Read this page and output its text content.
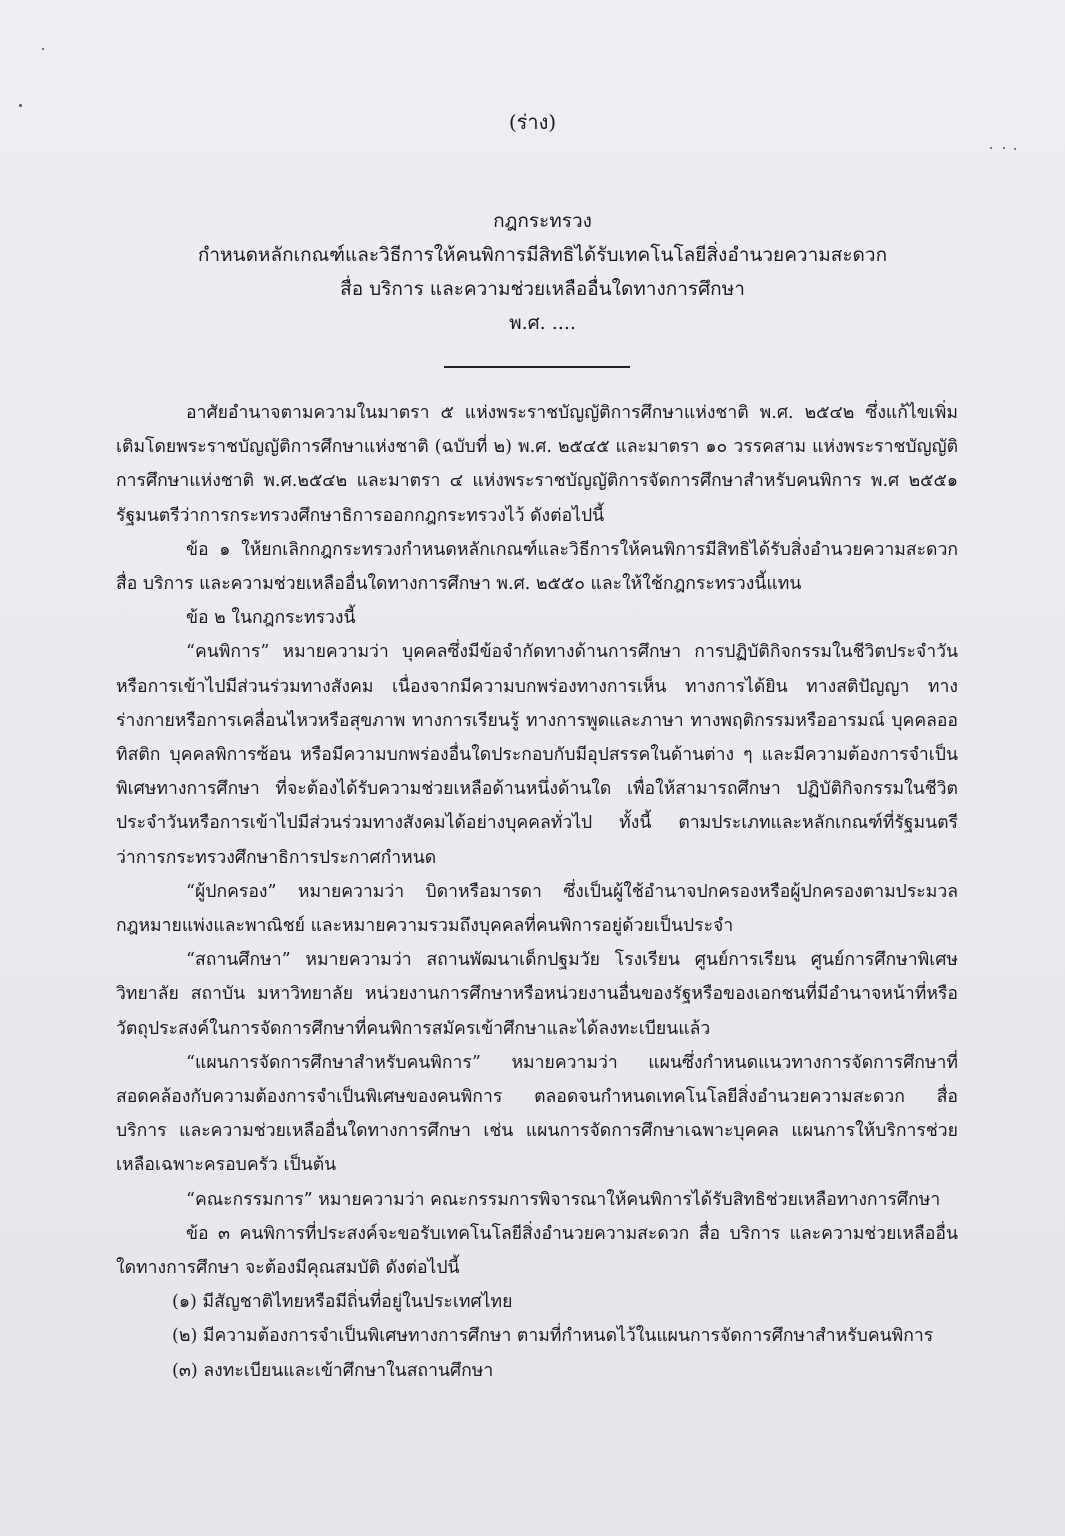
(ร่าง)
กฎกระทรวง
กำหนดหลักเกณฑ์และวิธีการให้คนพิการมีสิทธิได้รับเทคโนโลยีสิ่งอำนวยความสะดวก
สื่อ บริการ และความช่วยเหลืออื่นใดทางการศึกษา
พ.ศ. ....

อาศัยอำนาจตามความในมาตรา ๕ แห่งพระราชบัญญัติการศึกษาแห่งชาติ พ.ศ. ๒๕๔๒ ซึ่งแก้ไขเพิ่มเติมโดยพระราชบัญญัติการศึกษาแห่งชาติ (ฉบับที่ ๒) พ.ศ. ๒๕๔๕ และมาตรา ๑๐ วรรคสาม แห่งพระราชบัญญัติการศึกษาแห่งชาติ พ.ศ.๒๕๔๒ และมาตรา ๔ แห่งพระราชบัญญัติการจัดการศึกษาสำหรับคนพิการ พ.ศ ๒๕๕๑ รัฐมนตรีว่าการกระทรวงศึกษาธิการออกกฎกระทรวงไว้ ดังต่อไปนี้

ข้อ ๑ ให้ยกเลิกกฎกระทรวงกำหนดหลักเกณฑ์และวิธีการให้คนพิการมีสิทธิได้รับสิ่งอำนวยความสะดวก สื่อ บริการ และความช่วยเหลืออื่นใดทางการศึกษา พ.ศ. ๒๕๕๐ และให้ใช้กฎกระทรวงนี้แทน

ข้อ ๒ ในกฎกระทรวงนี้

“คนพิการ” หมายความว่า บุคคลซึ่งมีข้อจำกัดทางด้านการศึกษา การปฏิบัติกิจกรรมในชีวิตประจำวันหรือการเข้าไปมีส่วนร่วมทางสังคม เนื่องจากมีความบกพร่องทางการเห็น ทางการได้ยิน ทางสติปัญญา ทางร่างกายหรือการเคลื่อนไหวหรือสุขภาพ ทางการเรียนรู้ ทางการพูดและภาษา ทางพฤติกรรมหรืออารมณ์ บุคคลออทิสติก บุคคลพิการซ้อน หรือมีความบกพร่องอื่นใดประกอบกับมีอุปสรรคในด้านต่าง ๆ และมีความต้องการจำเป็นพิเศษทางการศึกษา ที่จะต้องได้รับความช่วยเหลือด้านหนึ่งด้านใด เพื่อให้สามารถศึกษา ปฏิบัติกิจกรรมในชีวิตประจำวันหรือการเข้าไปมีส่วนร่วมทางสังคมได้อย่างบุคคลทั่วไป ทั้งนี้ ตามประเภทและหลักเกณฑ์ที่รัฐมนตรีว่าการกระทรวงศึกษาธิการประกาศกำหนด

“ผู้ปกครอง” หมายความว่า บิดาหรือมารดา ซึ่งเป็นผู้ใช้อำนาจปกครองหรือผู้ปกครองตามประมวลกฎหมายแพ่งและพาณิชย์ และหมายความรวมถึงบุคคลที่คนพิการอยู่ด้วยเป็นประจำ

“สถานศึกษา” หมายความว่า สถานพัฒนาเด็กปฐมวัย โรงเรียน ศูนย์การเรียน ศูนย์การศึกษาพิเศษ วิทยาลัย สถาบัน มหาวิทยาลัย หน่วยงานการศึกษาหรือหน่วยงานอื่นของรัฐหรือของเอกชนที่มีอำนาจหน้าที่หรือวัตถุประสงค์ในการจัดการศึกษาที่คนพิการสมัครเข้าศึกษาและได้ลงทะเบียนแล้ว

“แผนการจัดการศึกษาสำหรับคนพิการ” หมายความว่า แผนซึ่งกำหนดแนวทางการจัดการศึกษาที่สอดคล้องกับความต้องการจำเป็นพิเศษของคนพิการ ตลอดจนกำหนดเทคโนโลยีสิ่งอำนวยความสะดวก สื่อ บริการ และความช่วยเหลืออื่นใดทางการศึกษา เช่น แผนการจัดการศึกษาเฉพาะบุคคล แผนการให้บริการช่วยเหลือเฉพาะครอบครัว เป็นต้น

“คณะกรรมการ” หมายความว่า คณะกรรมการพิจารณาให้คนพิการได้รับสิทธิช่วยเหลือทางการศึกษา

ข้อ ๓ คนพิการที่ประสงค์จะขอรับเทคโนโลยีสิ่งอำนวยความสะดวก สื่อ บริการ และความช่วยเหลืออื่นใดทางการศึกษา จะต้องมีคุณสมบัติ ดังต่อไปนี้

(๑) มีสัญชาติไทยหรือมีถิ่นที่อยู่ในประเทศไทย

(๒) มีความต้องการจำเป็นพิเศษทางการศึกษา ตามที่กำหนดไว้ในแผนการจัดการศึกษาสำหรับคนพิการ

(๓) ลงทะเบียนและเข้าศึกษาในสถานศึกษา
